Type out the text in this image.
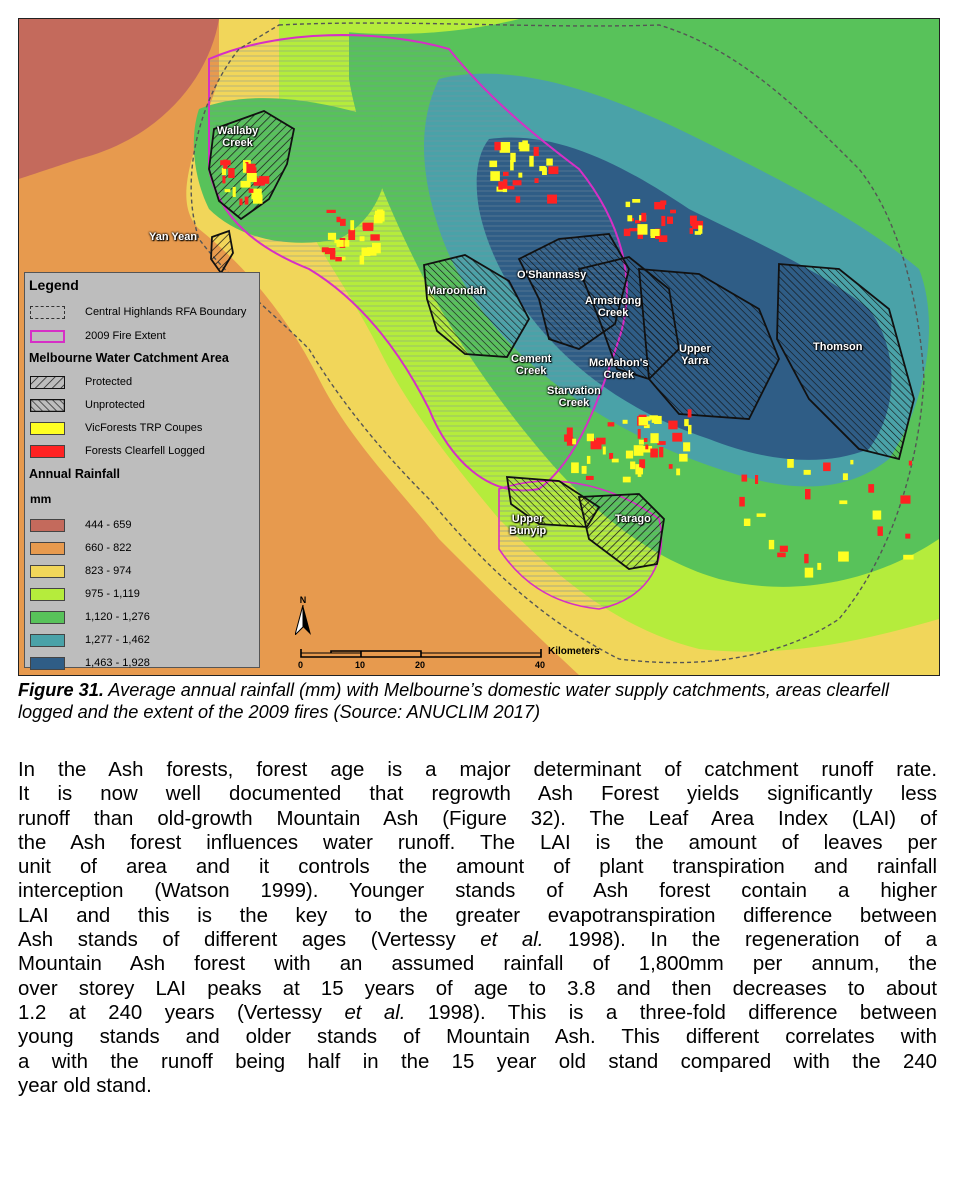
Wallaby
Creek
Yan Yean
Maroondah
O'Shannassy
Armstrong
Creek
Cement
Creek
McMahon's
Creek
Upper
Yarra
Thomson
Starvation
Creek
Upper
Bunyip
Tarago
N
0	10	20	40
Kilometers
Legend
Central Highlands RFA Boundary
2009 Fire Extent
Melbourne Water Catchment Area
Protected
Unprotected
VicForests TRP Coupes
Forests Clearfell Logged
Annual Rainfall
mm
444 - 659
660 - 822
823 - 974
975 - 1,119
1,120 - 1,276
1,277 - 1,462
1,463 - 1,928
Figure 31. Average annual rainfall (mm) with Melbourne’s domestic water supply catchments, areas clearfell logged and the extent of the 2009 fires (Source: ANUCLIM 2017)
In the Ash forests, forest age is a major determinant of catchment runoff rate.
It is now well documented that regrowth Ash Forest yields significantly less
runoff than old-growth Mountain Ash (Figure 32). The Leaf Area Index (LAI) of
the Ash forest influences water runoff. The LAI is the amount of leaves per
unit of area and it controls the amount of plant transpiration and rainfall
interception (Watson 1999). Younger stands of Ash forest contain a higher
LAI and this is the key to the greater evapotranspiration difference between
Ash stands of different ages (Vertessy et al. 1998). In the regeneration of a
Mountain Ash forest with an assumed rainfall of 1,800mm per annum, the
over storey LAI peaks at 15 years of age to 3.8 and then decreases to about
1.2 at 240 years (Vertessy et al. 1998). This is a three-fold difference between
young stands and older stands of Mountain Ash. This different correlates with
a with the runoff being half in the 15 year old stand compared with the 240
year old stand.
